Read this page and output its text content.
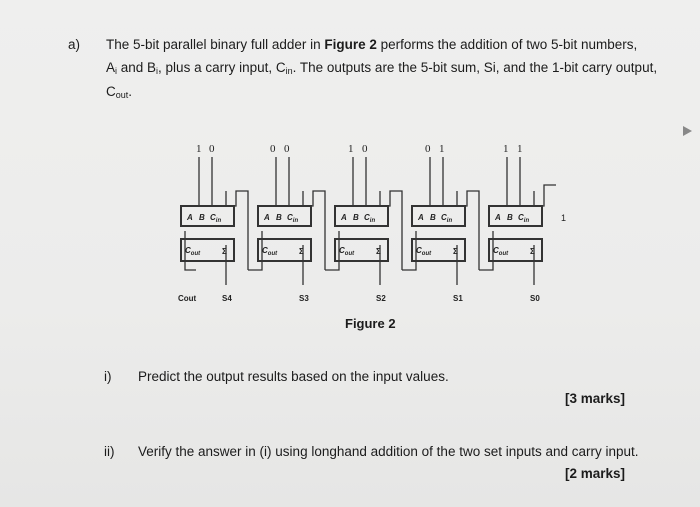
a) The 5-bit parallel binary full adder in Figure 2 performs the addition of two 5-bit numbers,
$A_i$ and $B_i$, plus a carry input, $C_{in}$. The outputs are the 5-bit sum, Si, and the 1-bit carry output,
$C_{out}$.
1 0	0 0	1 0	0 1	1 1
1
A B $C_{in}$	A B $C_{in}$	A B $C_{in}$	A B $C_{in}$	A B $C_{in}$
$C_{out}$	Σ	$C_{out}$	Σ	$C_{out}$	Σ	$C_{out}$	Σ	$C_{out}$	Σ
Cout	S4	S3	S2	S1	S0
Figure 2
i) Predict the output results based on the input values.
[3 marks]
ii) Verify the answer in (i) using longhand addition of the two set inputs and carry input.
[2 marks]
